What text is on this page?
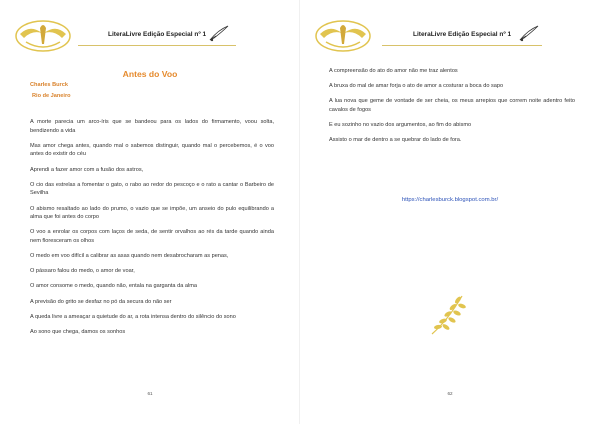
LiteraLivre Edição Especial nº 1
Antes do Voo
Charles Burck
Rio de Janeiro

A morte parecia um arco-íris que se bandeou para os lados do firmamento, voou solta, bendizendo a vida

Mas amor chega antes, quando mal o sabemos distinguir, quando mal o percebemos, é o voo antes do existir do céu

Aprendi a fazer amor com a fusão dos astros,

O cio das estrelas a fomentar o gato, o rabo ao redor do pescoço e o rato a cantar o Barbeiro de Sevilha

O abismo resaltado ao lado do prumo, o vazio que se impõe, um anseio do pulo equilibrando a alma que foi antes do corpo

O voo a enrolar os corpos com laços de seda, de sentir orvalhos ao rés da tarde quando ainda nem floresceram os olhos

O medo em voo difícil a calibrar as asas quando nem desabrocharam as penas,

O pássaro falou do medo, o amor de voar,

O amor consome o medo, quando não, entala na garganta da alma

A previsão do grito se desfaz no pó da secura do não ser

A queda livre a ameaçar a quietude do ar, a rota intensa dentro do silêncio do sono

Ao sono que chega, damos os sonhos

61
LiteraLivre Edição Especial nº 1

A compreensão do ato do amor não me traz alentos

A bruxa do mal de amar forja o ato de amor a costurar a boca do sapo

A lua nova que geme de vontade de ser cheia, os meus arrepios que correm noite adentro feito cavalos de fogos

E eu sozinho no vazio dos argumentos, ao fim do abismo

Assisto o mar de dentro a se quebrar do lado de fora.

https://charlesburck.blogspot.com.br/
62
